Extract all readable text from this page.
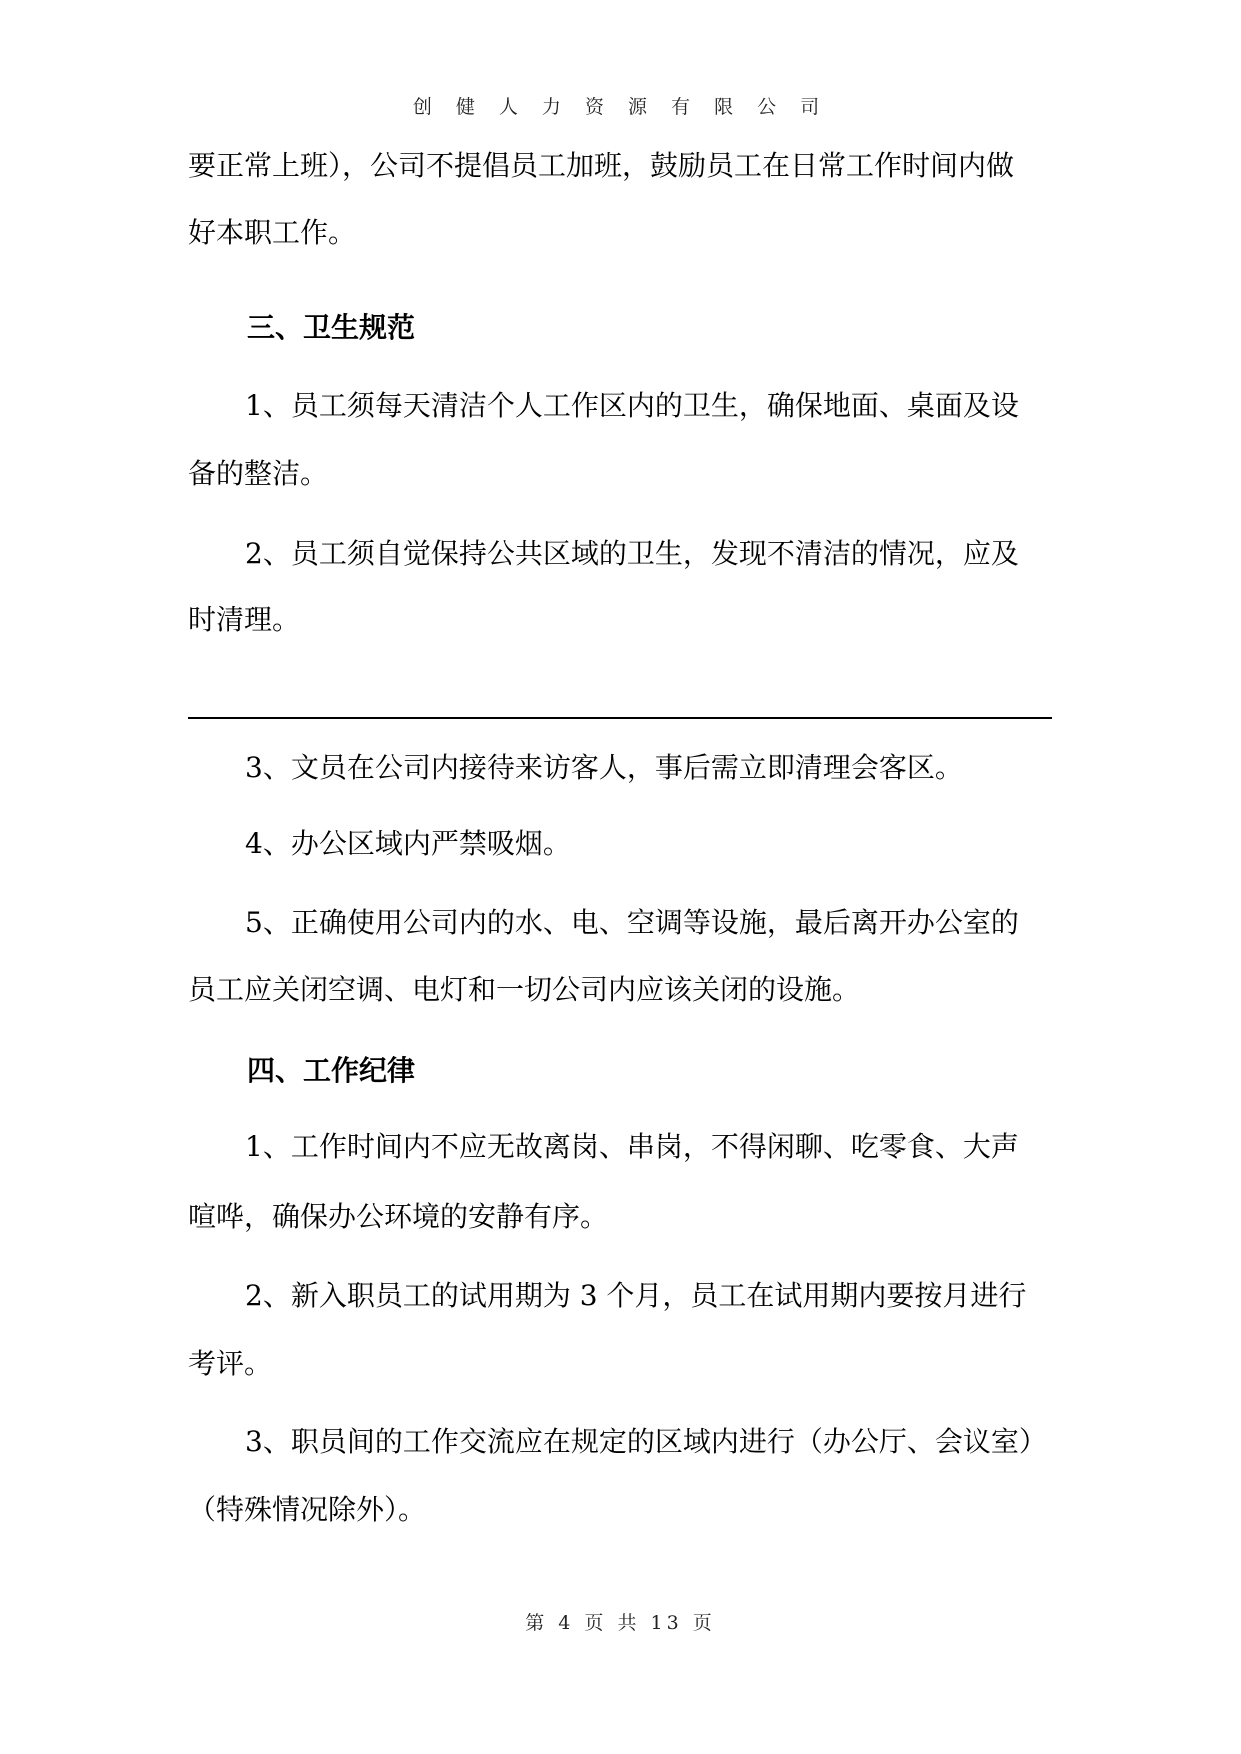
创 健 人 力 资 源 有 限 公 司
要正常上班），公司不提倡员工加班，鼓励员工在日常工作时间内做
好本职工作。
三、卫生规范
1、员工须每天清洁个人工作区内的卫生，确保地面、桌面及设
备的整洁。
2、员工须自觉保持公共区域的卫生，发现不清洁的情况，应及
时清理。
3、文员在公司内接待来访客人，事后需立即清理会客区。
4、办公区域内严禁吸烟。
5、正确使用公司内的水、电、空调等设施，最后离开办公室的
员工应关闭空调、电灯和一切公司内应该关闭的设施。
四、工作纪律
1、工作时间内不应无故离岗、串岗，不得闲聊、吃零食、大声
喧哗，确保办公环境的安静有序。
2、新入职员工的试用期为 3 个月，员工在试用期内要按月进行
考评。
3、职员间的工作交流应在规定的区域内进行（办公厅、会议室）
（特殊情况除外）。
第 4 页 共 13 页
